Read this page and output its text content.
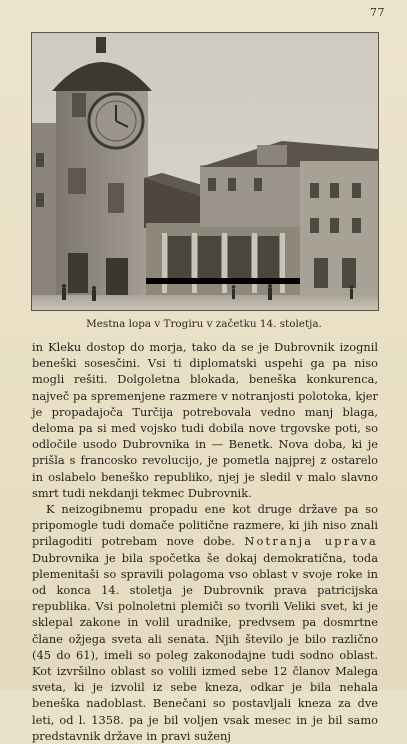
77
Mestna lopa v Trogiru v začetku 14. stoletja.

in Klеku dostop do morja, tako da se je Dubrovnik izognil beneški sosesčini. Vsi ti diplomatski uspehi ga pa niso mogli rešiti. Dolgoletna blokada, beneška konkurenca, največ pa spremenjene razmere v notranjosti polotoka, kjer je propadajoča Turčija potrebovala vedno manj blaga, deloma pa si med vojsko tudi dobila nove trgovske poti, so odločile usodo Dubrovnika in — Benetk. Nova doba, ki je prišla s francosko revolucijo, je pometla najprej z ostarelo in oslabelo beneško republiko, njej je sledil v malo slavno smrt tudi nekdanji tekmec Dubrovnik.

K neizogibnemu propadu ene kot druge države pa so pripomogle tudi domače politične razmere, ki jih niso znali prilagoditi potrebam nove dobe. Notranja uprava Dubrovnika je bila spočetka še dokaj demokratična, toda plemenitaši so spravili polagoma vso oblast v svoje roke in od konca 14. stoletja je Dubrovnik prava patricijska republika. Vsi polnoletni plemiči so tvorili Veliki svet, ki je sklepal zakone in volil uradnike, predvsem pa dosmrtne člane ožjega sveta ali senata. Njih število je bilo različno (45 do 61), imeli so poleg zakonodajne tudi sodno oblast. Kot izvršilno oblast so volili izmed sebe 12 članov Malega sveta, ki je izvolil iz sebe kneza, odkar je bila nehala beneška nadoblast. Benečani so postavljali kneza za dve leti, od l. 1358. pa je bil voljen vsak mesec in je bil samo predstavnik države in pravi suženj
